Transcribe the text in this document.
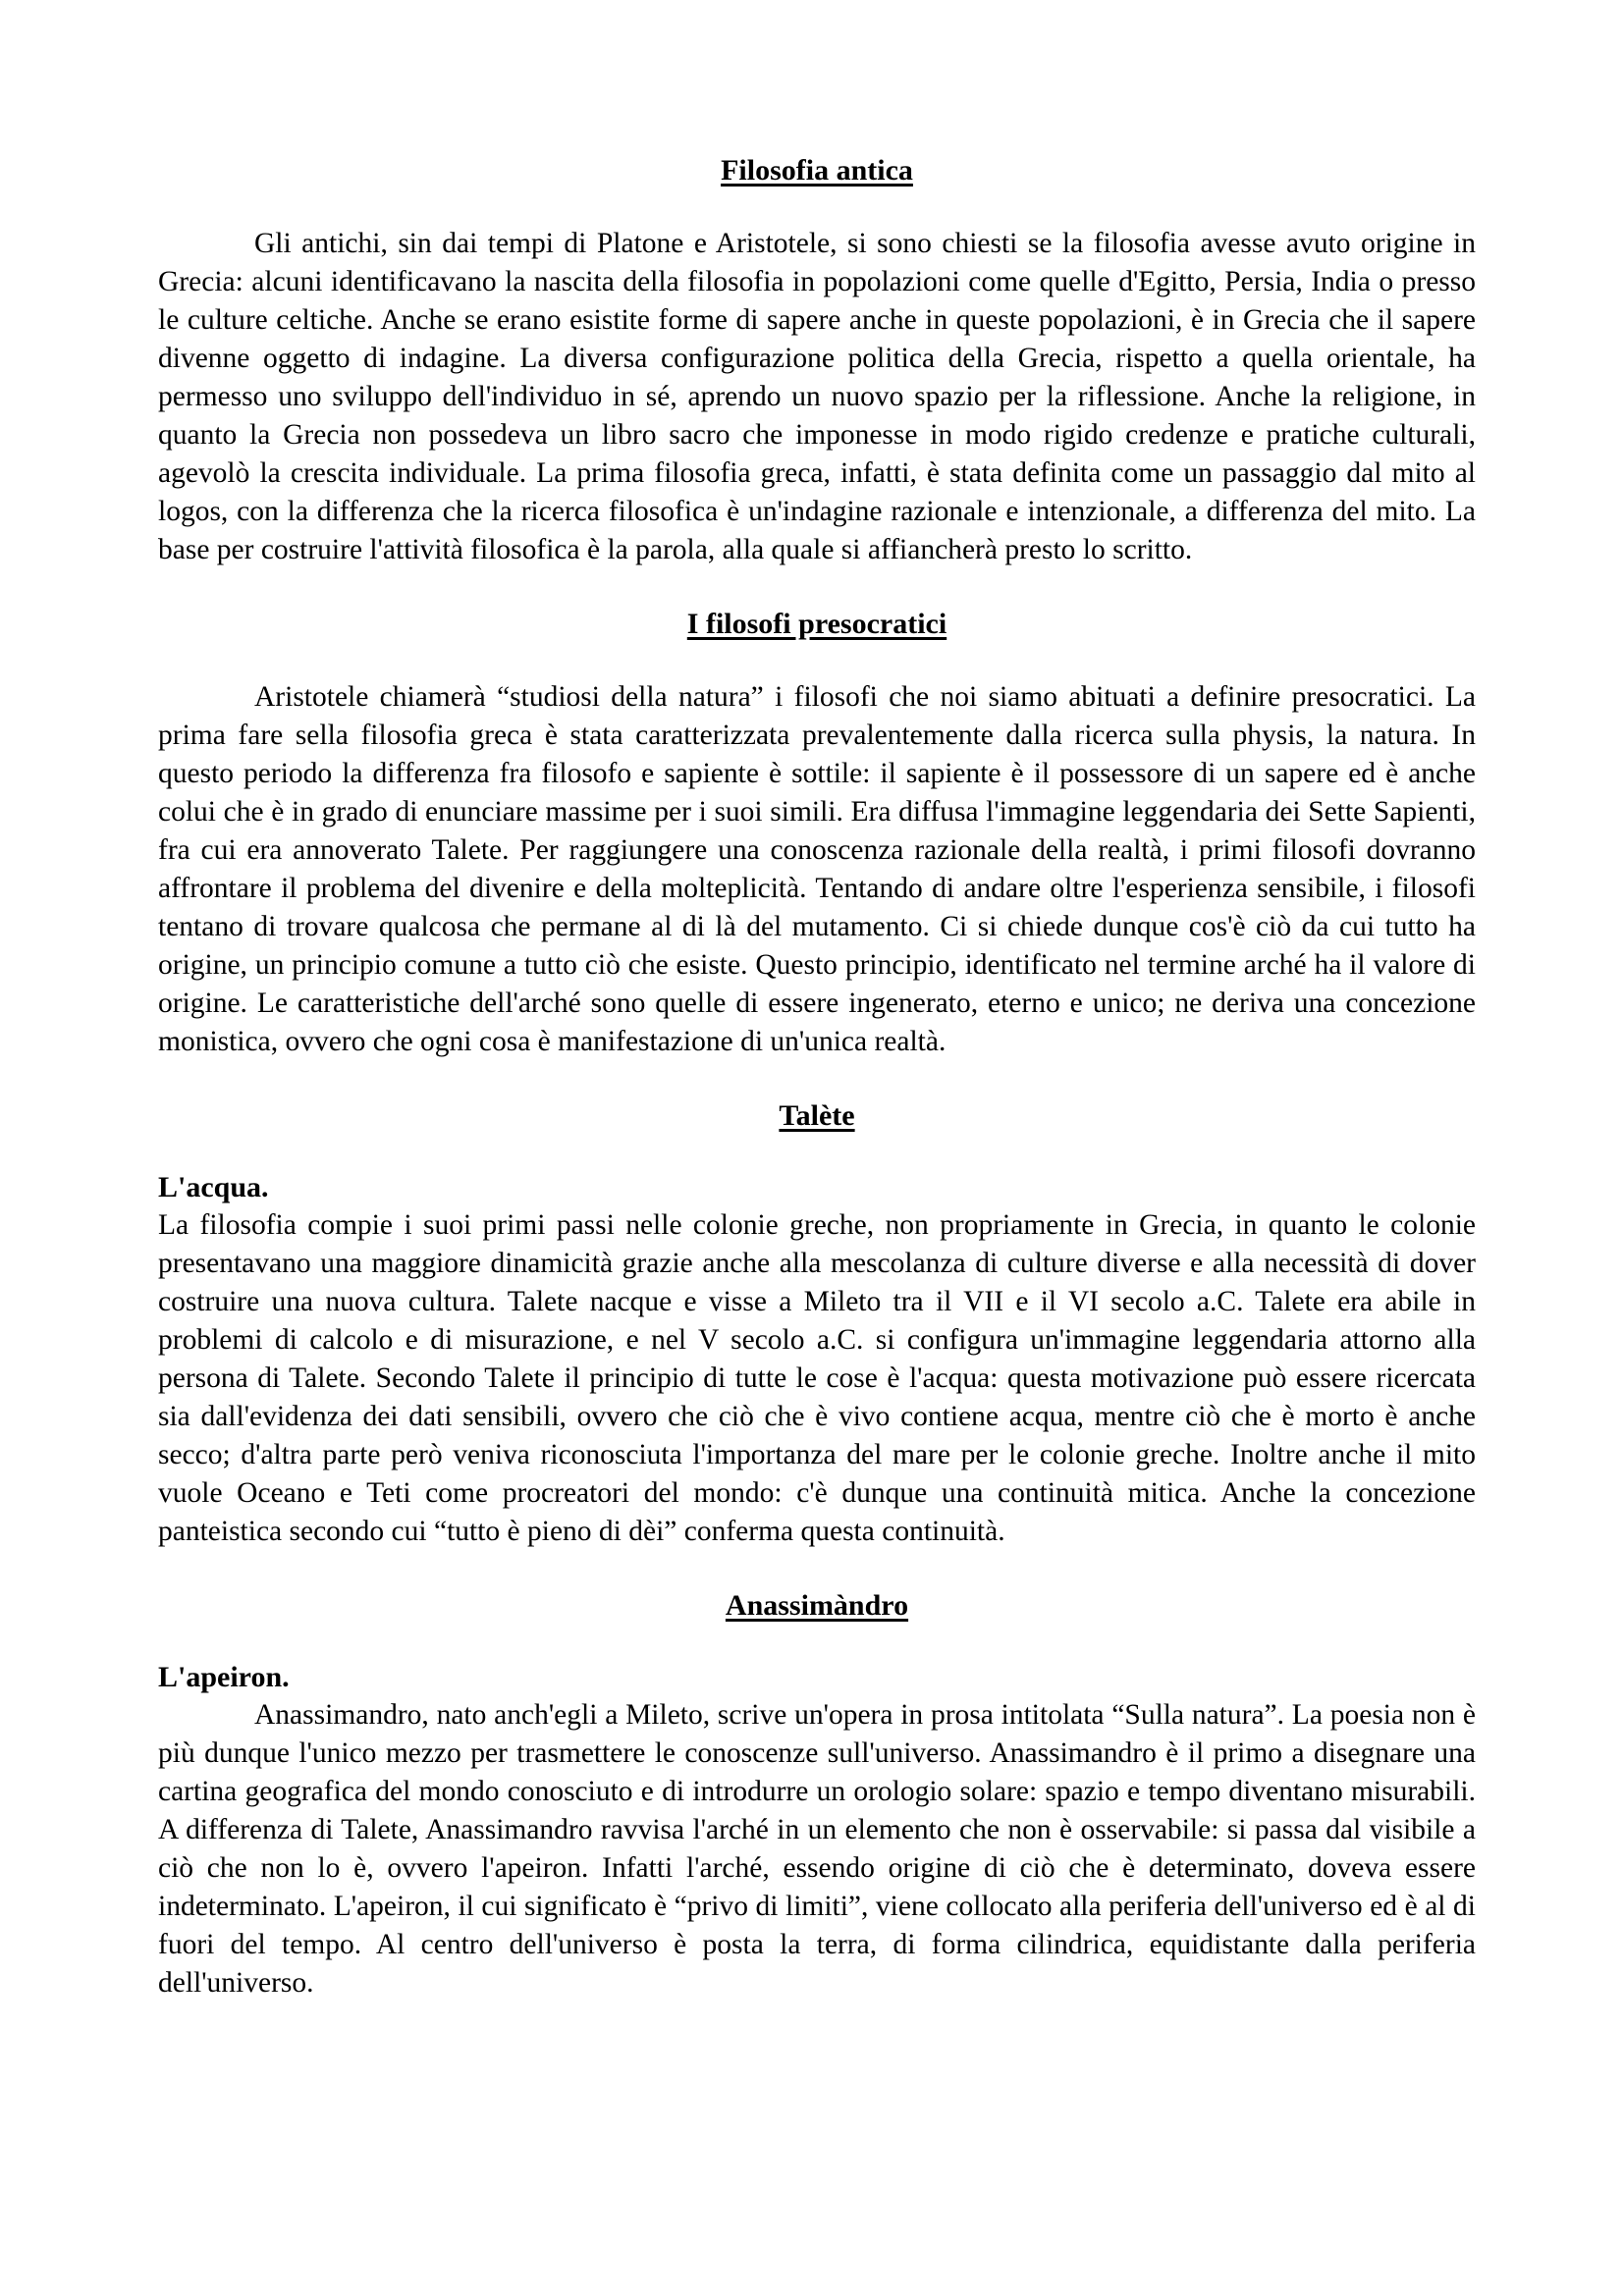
Filosofia antica

Gli antichi, sin dai tempi di Platone e Aristotele, si sono chiesti se la filosofia avesse avuto origine in Grecia: alcuni identificavano la nascita della filosofia in popolazioni come quelle d'Egitto, Persia, India o presso le culture celtiche. Anche se erano esistite forme di sapere anche in queste popolazioni, è in Grecia che il sapere divenne oggetto di indagine. La diversa configurazione politica della Grecia, rispetto a quella orientale, ha permesso uno sviluppo dell'individuo in sé, aprendo un nuovo spazio per la riflessione. Anche la religione, in quanto la Grecia non possedeva un libro sacro che imponesse in modo rigido credenze e pratiche culturali, agevolò la crescita individuale. La prima filosofia greca, infatti, è stata definita come un passaggio dal mito al logos, con la differenza che la ricerca filosofica è un'indagine razionale e intenzionale, a differenza del mito. La base per costruire l'attività filosofica è la parola, alla quale si affiancherà presto lo scritto.

I filosofi presocratici

Aristotele chiamerà “studiosi della natura” i filosofi che noi siamo abituati a definire presocratici. La prima fare sella filosofia greca è stata caratterizzata prevalentemente dalla ricerca sulla physis, la natura. In questo periodo la differenza fra filosofo e sapiente è sottile: il sapiente è il possessore di un sapere ed è anche colui che è in grado di enunciare massime per i suoi simili. Era diffusa l'immagine leggendaria dei Sette Sapienti, fra cui era annoverato Talete. Per raggiungere una conoscenza razionale della realtà, i primi filosofi dovranno affrontare il problema del divenire e della molteplicità. Tentando di andare oltre l'esperienza sensibile, i filosofi tentano di trovare qualcosa che permane al di là del mutamento. Ci si chiede dunque cos'è ciò da cui tutto ha origine, un principio comune a tutto ciò che esiste. Questo principio, identificato nel termine arché ha il valore di origine. Le caratteristiche dell'arché sono quelle di essere ingenerato, eterno e unico; ne deriva una concezione monistica, ovvero che ogni cosa è manifestazione di un'unica realtà.

Talète
L'acqua.

La filosofia compie i suoi primi passi nelle colonie greche, non propriamente in Grecia, in quanto le colonie presentavano una maggiore dinamicità grazie anche alla mescolanza di culture diverse e alla necessità di dover costruire una nuova cultura. Talete nacque e visse a Mileto tra il VII e il VI secolo a.C. Talete era abile in problemi di calcolo e di misurazione, e nel V secolo a.C. si configura un'immagine leggendaria attorno alla persona di Talete. Secondo Talete il principio di tutte le cose è l'acqua: questa motivazione può essere ricercata sia dall'evidenza dei dati sensibili, ovvero che ciò che è vivo contiene acqua, mentre ciò che è morto è anche secco; d'altra parte però veniva riconosciuta l'importanza del mare per le colonie greche. Inoltre anche il mito vuole Oceano e Teti come procreatori del mondo: c'è dunque una continuità mitica. Anche la concezione panteistica secondo cui “tutto è pieno di dèi” conferma questa continuità.

Anassimàndro
L'apeiron.

Anassimandro, nato anch'egli a Mileto, scrive un'opera in prosa intitolata “Sulla natura”. La poesia non è più dunque l'unico mezzo per trasmettere le conoscenze sull'universo. Anassimandro è il primo a disegnare una cartina geografica del mondo conosciuto e di introdurre un orologio solare: spazio e tempo diventano misurabili. A differenza di Talete, Anassimandro ravvisa l'arché in un elemento che non è osservabile: si passa dal visibile a ciò che non lo è, ovvero l'apeiron. Infatti l'arché, essendo origine di ciò che è determinato, doveva essere indeterminato. L'apeiron, il cui significato è “privo di limiti”, viene collocato alla periferia dell'universo ed è al di fuori del tempo. Al centro dell'universo è posta la terra, di forma cilindrica, equidistante dalla periferia dell'universo.
